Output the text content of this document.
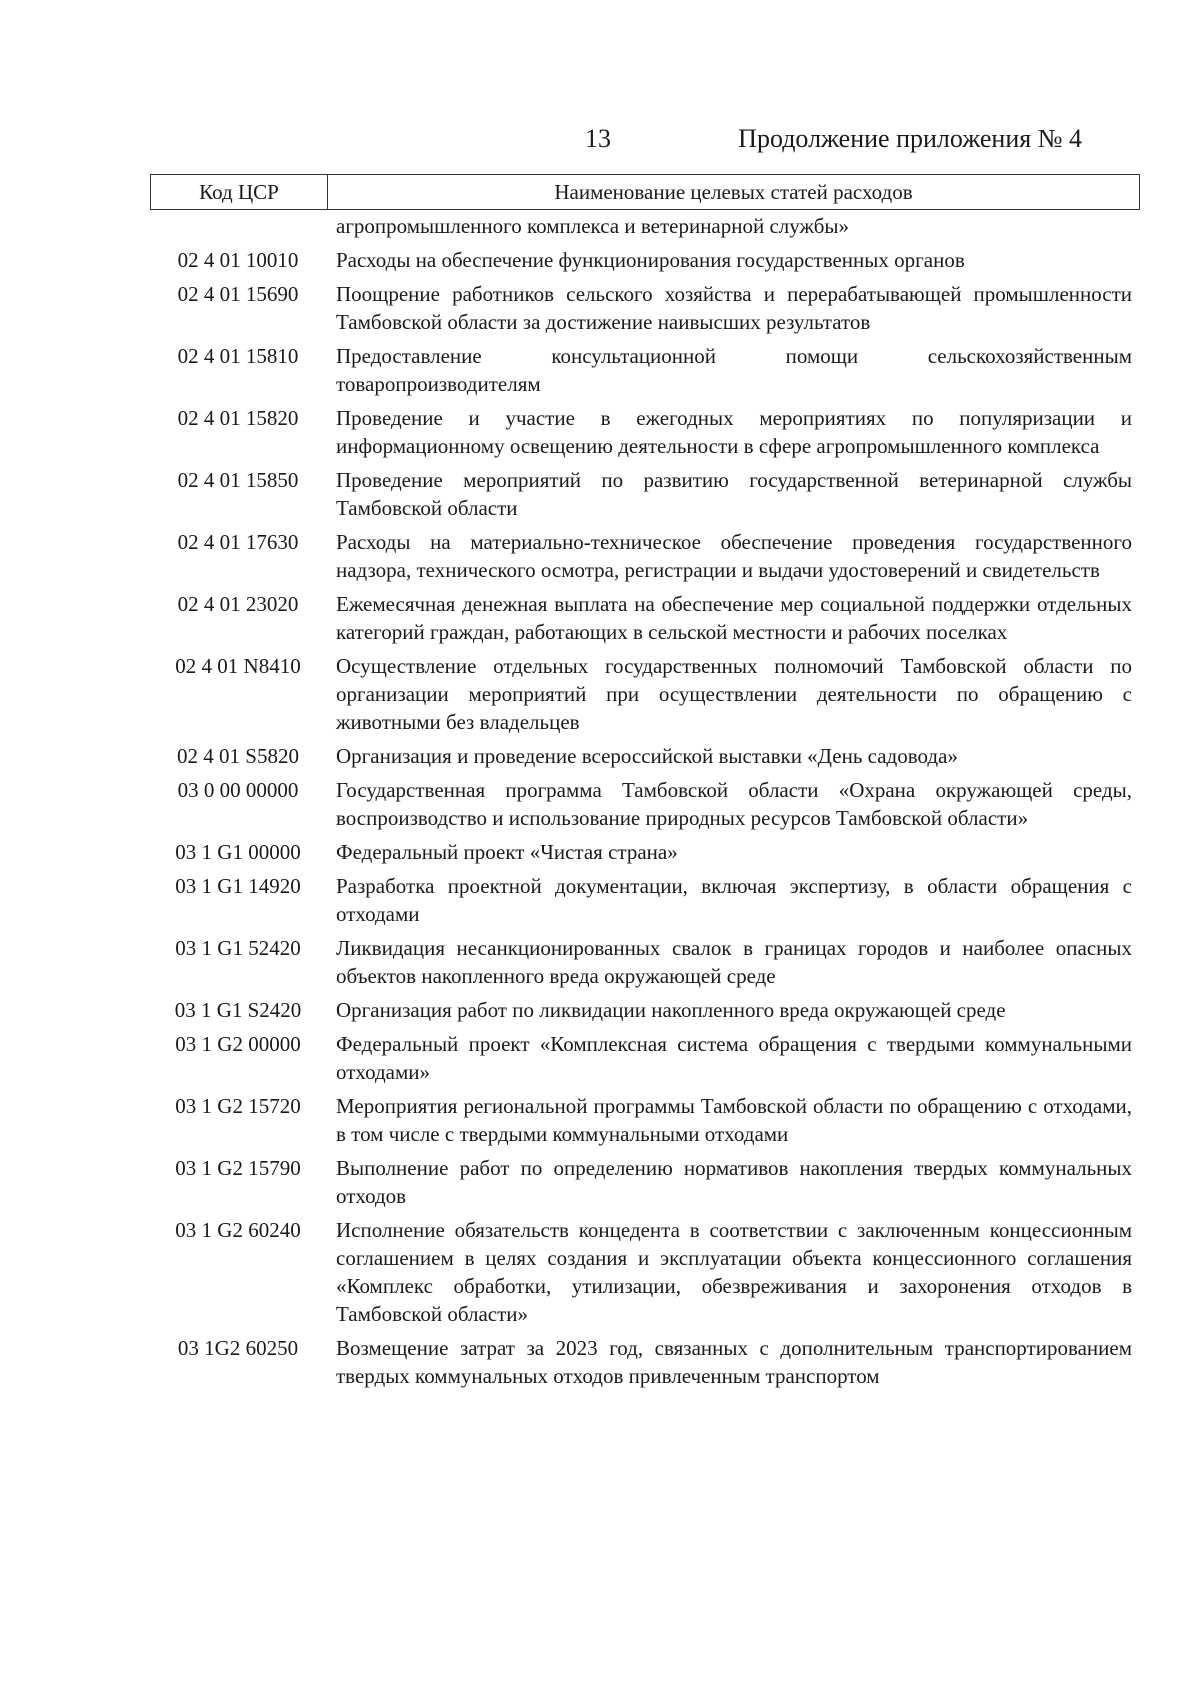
13	Продолжение приложения № 4
Код ЦСР	Наименование целевых статей расходов
агропромышленного комплекса и ветеринарной службы»
02 4 01 10010	Расходы на обеспечение функционирования государственных органов
02 4 01 15690	Поощрение работников сельского хозяйства и перерабатывающей промышленности Тамбовской области за достижение наивысших результатов
02 4 01 15810	Предоставление консультационной помощи сельскохозяйственным товаропроизводителям
02 4 01 15820	Проведение и участие в ежегодных мероприятиях по популяризации и информационному освещению деятельности в сфере агропромышленного комплекса
02 4 01 15850	Проведение мероприятий по развитию государственной ветеринарной службы Тамбовской области
02 4 01 17630	Расходы на материально-техническое обеспечение проведения государственного надзора, технического осмотра, регистрации и выдачи удостоверений и свидетельств
02 4 01 23020	Ежемесячная денежная выплата на обеспечение мер социальной поддержки отдельных категорий граждан, работающих в сельской местности и рабочих поселках
02 4 01 N8410	Осуществление отдельных государственных полномочий Тамбовской области по организации мероприятий при осуществлении деятельности по обращению с животными без владельцев
02 4 01 S5820	Организация и проведение всероссийской выставки «День садовода»
03 0 00 00000	Государственная программа Тамбовской области «Охрана окружающей среды, воспроизводство и использование природных ресурсов Тамбовской области»
03 1 G1 00000	Федеральный проект «Чистая страна»
03 1 G1 14920	Разработка проектной документации, включая экспертизу, в области обращения с отходами
03 1 G1 52420	Ликвидация несанкционированных свалок в границах городов и наиболее опасных объектов накопленного вреда окружающей среде
03 1 G1 S2420	Организация работ по ликвидации накопленного вреда окружающей среде
03 1 G2 00000	Федеральный проект «Комплексная система обращения с твердыми коммунальными отходами»
03 1 G2 15720	Мероприятия региональной программы Тамбовской области по обращению с отходами, в том числе с твердыми коммунальными отходами
03 1 G2 15790	Выполнение работ по определению нормативов накопления твердых коммунальных отходов
03 1 G2 60240	Исполнение обязательств концедента в соответствии с заключенным концессионным соглашением в целях создания и эксплуатации объекта концессионного соглашения «Комплекс обработки, утилизации, обезвреживания и захоронения отходов в Тамбовской области»
03 1G2 60250	Возмещение затрат за 2023 год, связанных с дополнительным транспортированием твердых коммунальных отходов привлеченным транспортом
